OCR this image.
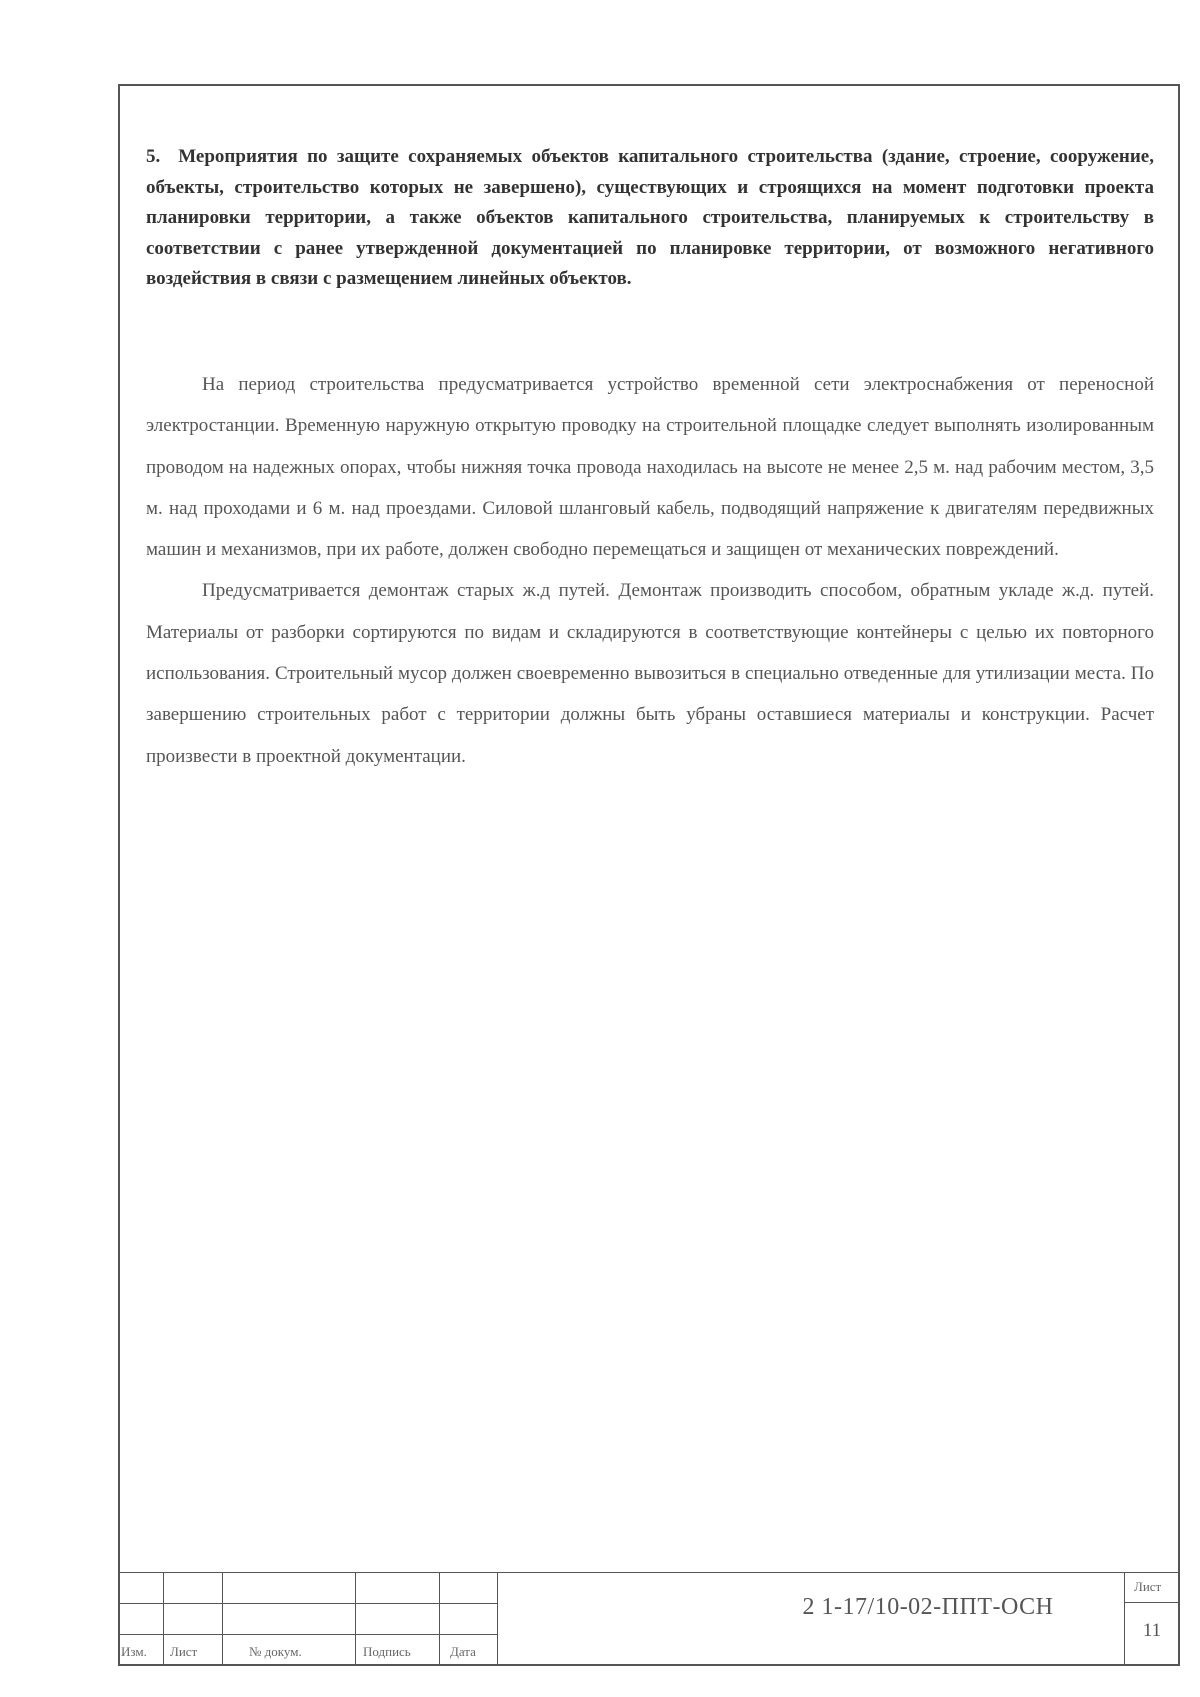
5. Мероприятия по защите сохраняемых объектов капитального строительства (здание, строение, сооружение, объекты, строительство которых не завершено), существующих и строящихся на момент подготовки проекта планировки территории, а также объектов капитального строительства, планируемых к строительству в соответствии с ранее утвержденной документацией по планировке территории, от возможного негативного воздействия в связи с размещением линейных объектов.

На период строительства предусматривается устройство временной сети электроснабжения от переносной электростанции. Временную наружную открытую проводку на строительной площадке следует выполнять изолированным проводом на надежных опорах, чтобы нижняя точка провода находилась на высоте не менее 2,5 м. над рабочим местом, 3,5 м. над проходами и 6 м. над проездами. Силовой шланговый кабель, подводящий напряжение к двигателям передвижных машин и механизмов, при их работе, должен свободно перемещаться и защищен от механических повреждений.

Предусматривается демонтаж старых ж.д путей. Демонтаж производить способом, обратным укладе ж.д. путей. Материалы от разборки сортируются по видам и складируются в соответствующие контейнеры с целью их повторного использования. Строительный мусор должен своевременно вывозиться в специально отведенные для утилизации места. По завершению строительных работ с территории должны быть убраны оставшиеся материалы и конструкции. Расчет произвести в проектной документации.

Изм. Лист	№ докум.	Подпись	Дата
2 1-17/10-02-ППТ-ОСН
Лист
11
